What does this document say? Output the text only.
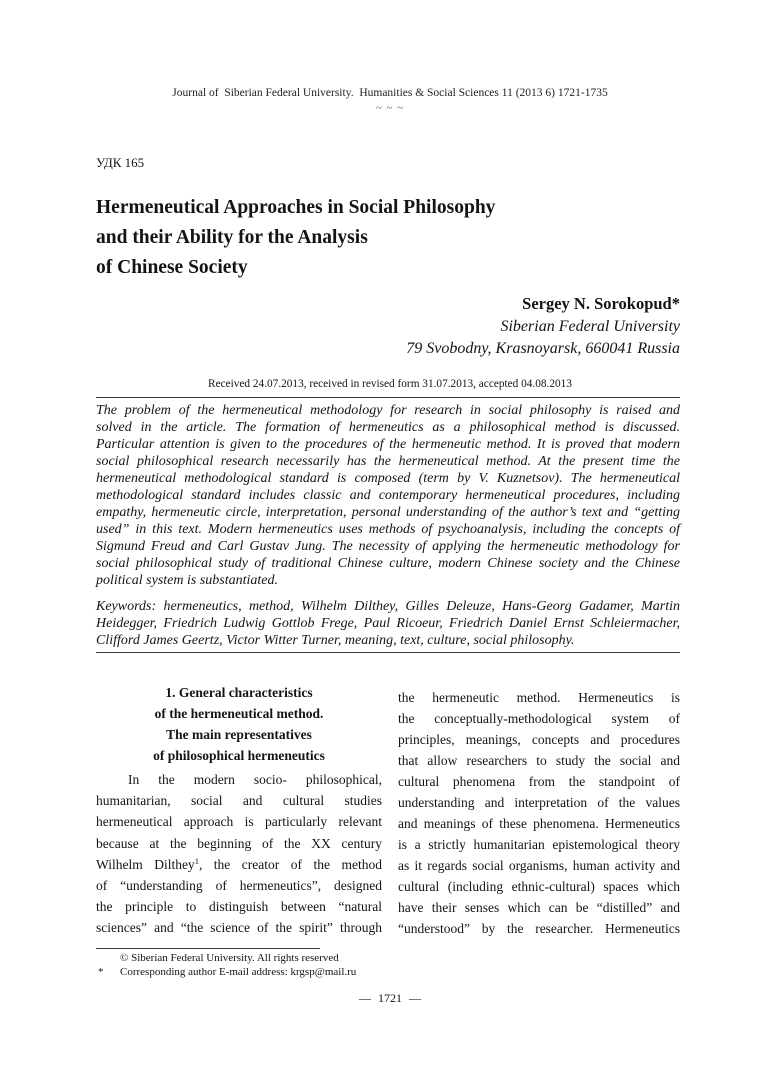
Journal of  Siberian Federal University.  Humanities & Social Sciences 11 (2013 6) 1721-1735
~ ~ ~
УДК 165
Hermeneutical Approaches in Social Philosophy
and their Ability for the Analysis
of Chinese Society
Sergey N. Sorokopud*
Siberian Federal University
79 Svobodny, Krasnoyarsk, 660041 Russia
Received 24.07.2013, received in revised form 31.07.2013, accepted 04.08.2013
The problem of the hermeneutical methodology for research in social philosophy is raised and
solved in the article. The formation of hermeneutics as a philosophical method is discussed.
Particular attention is given to the procedures of the hermeneutic method. It is proved that modern
social philosophical research necessarily has the hermeneutical method. At the present time the
hermeneutical methodological standard is composed (term by V. Kuznetsov). The hermeneutical
methodological standard includes classic and contemporary hermeneutical procedures, including
empathy, hermeneutic circle, interpretation, personal understanding of the author’s text and “getting
used” in this text. Modern hermeneutics uses methods of psychoanalysis, including the concepts of
Sigmund Freud and Carl Gustav Jung. The necessity of applying the hermeneutic methodology for
social philosophical study of traditional Chinese culture, modern Chinese society and the Chinese
political system is substantiated.
Keywords: hermeneutics, method, Wilhelm Dilthey, Gilles Deleuze, Hans-Georg Gadamer, Martin
Heidegger, Friedrich Ludwig Gottlob Frege, Paul Ricoeur, Friedrich Daniel Ernst Schleiermacher,
Clifford James Geertz, Victor Witter Turner, meaning, text, culture, social philosophy.
1. General characteristics
of the hermeneutical method.
The main representatives
of philosophical hermeneutics
In the modern socio- philosophical,
humanitarian, social and cultural studies
hermeneutical approach is particularly relevant
because at the beginning of the XX century
Wilhelm Dilthey$^1$, the creator of the method
of “understanding of hermeneutics”, designed
the principle to distinguish between “natural
sciences” and “the science of the spirit” through
the hermeneutic method. Hermeneutics is
the conceptually-methodological system of
principles, meanings, concepts and procedures
that allow researchers to study the social and
cultural phenomena from the standpoint of
understanding and interpretation of the values
and meanings of these phenomena. Hermeneutics
is a strictly humanitarian epistemological theory
as it regards social organisms, human activity and
cultural (including ethnic-cultural) spaces which
have their senses which can be “distilled” and
“understood” by the researcher. Hermeneutics
© Siberian Federal University. All rights reserved
* Corresponding author E-mail address: krgsp@mail.ru
— 1721 —
